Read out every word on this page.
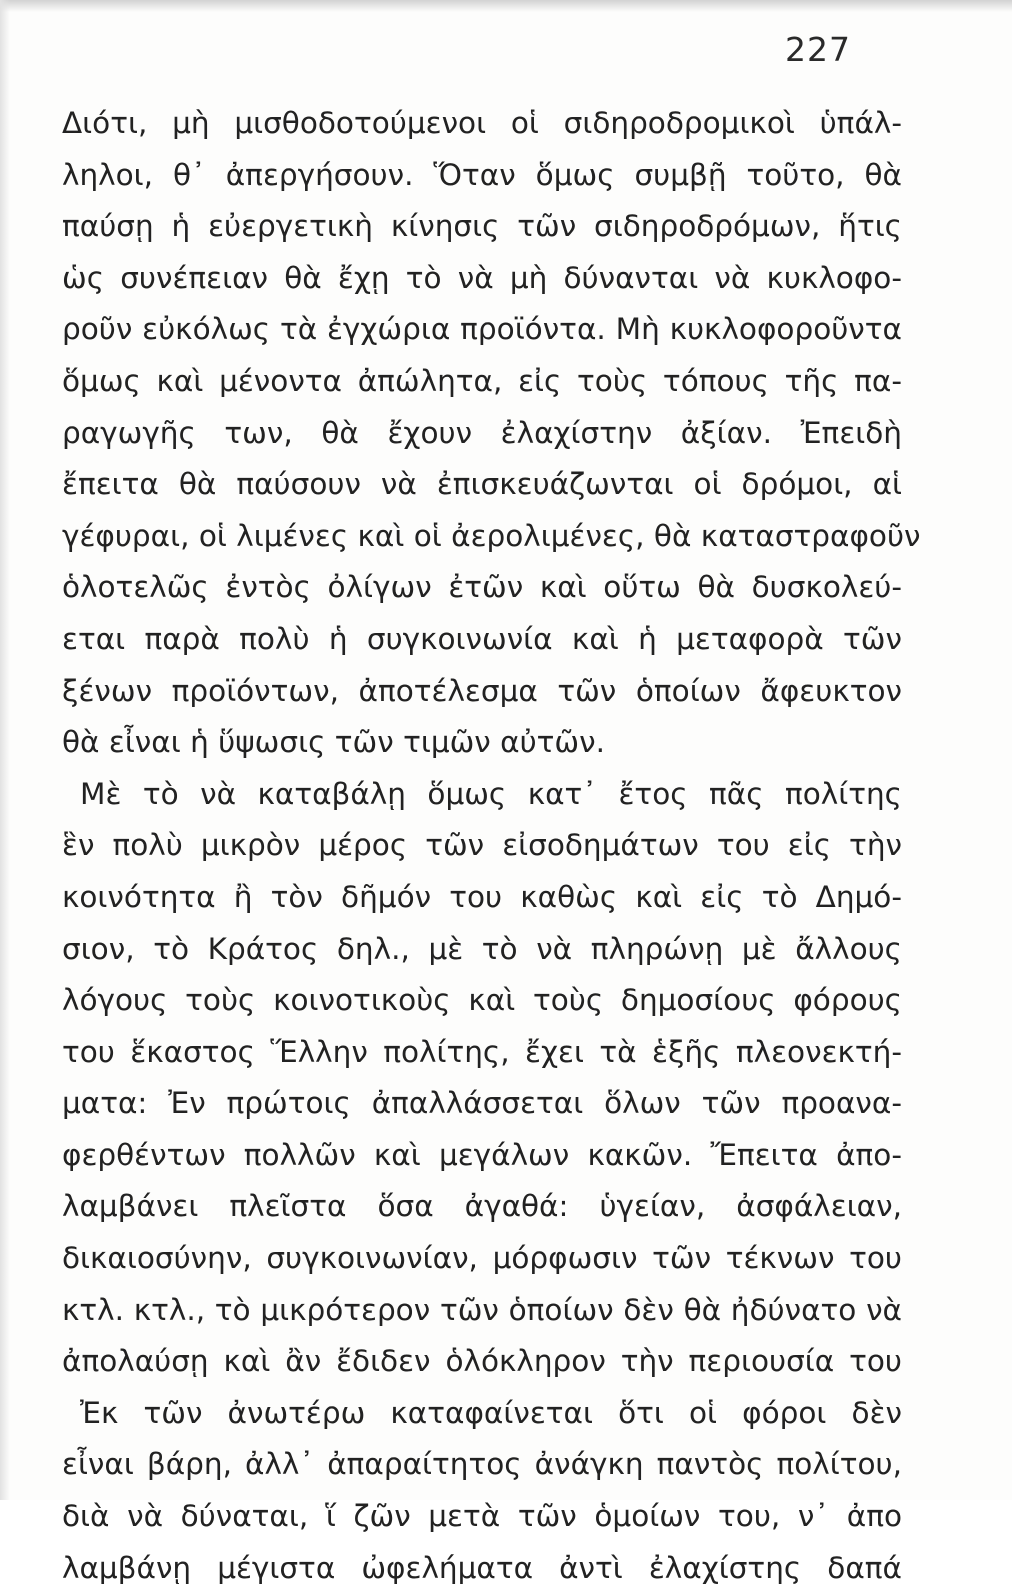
227
Διότι, μὴ μισθοδοτούμενοι οἱ σιδηροδρομικοὶ ὑπάλ-
ληλοι, θ᾿ ἀπεργήσουν. Ὅταν ὅμως συμβῇ τοῦτο, θὰ
παύσῃ ἡ εὐεργετικὴ κίνησις τῶν σιδηροδρόμων, ἥτις
ὡς συνέπειαν θὰ ἔχῃ τὸ νὰ μὴ δύνανται νὰ κυκλοφο-
ροῦν εὐκόλως τὰ ἐγχώρια προϊόντα. Μὴ κυκλοφοροῦντα
ὅμως καὶ μένοντα ἀπώλητα, εἰς τοὺς τόπους τῆς πα-
ραγωγῆς των, θὰ ἔχουν ἐλαχίστην ἀξίαν. Ἐπειδὴ
ἔπειτα θὰ παύσουν νὰ ἐπισκευάζωνται οἱ δρόμοι, αἱ
γέφυραι, οἱ λιμένες καὶ οἱ ἀερολιμένες, θὰ καταστραφοῦν
ὁλοτελῶς ἐντὸς ὀλίγων ἐτῶν καὶ οὕτω θὰ δυσκολεύ-
εται παρὰ πολὺ ἡ συγκοινωνία καὶ ἡ μεταφορὰ τῶν
ξένων προϊόντων, ἀποτέλεσμα τῶν ὁποίων ἄφευκτον
θὰ εἶναι ἡ ὕψωσις τῶν τιμῶν αὐτῶν.
Μὲ τὸ νὰ καταβάλῃ ὅμως κατ᾿ ἔτος πᾶς πολίτης
ἓν πολὺ μικρὸν μέρος τῶν εἰσοδημάτων του εἰς τὴν
κοινότητα ἢ τὸν δῆμόν του καθὼς καὶ εἰς τὸ Δημό-
σιον, τὸ Κράτος δηλ., μὲ τὸ νὰ πληρώνῃ μὲ ἄλλους
λόγους τοὺς κοινοτικοὺς καὶ τοὺς δημοσίους φόρους
του ἕκαστος Ἕλλην πολίτης, ἔχει τὰ ἑξῆς πλεονεκτή-
ματα: Ἐν πρώτοις ἀπαλλάσσεται ὅλων τῶν προανα-
φερθέντων πολλῶν καὶ μεγάλων κακῶν. Ἔπειτα ἀπο-
λαμβάνει πλεῖστα ὅσα ἀγαθά: ὑγείαν, ἀσφάλειαν,
δικαιοσύνην, συγκοινωνίαν, μόρφωσιν τῶν τέκνων του
κτλ. κτλ., τὸ μικρότερον τῶν ὁποίων δὲν θὰ ἠδύνατο νὰ
ἀπολαύσῃ καὶ ἂν ἔδιδεν ὁλόκληρον τὴν περιουσία του
Ἐκ τῶν ἀνωτέρω καταφαίνεται ὅτι οἱ φόροι δὲν
εἶναι βάρη, ἀλλ᾿ ἀπαραίτητος ἀνάγκη παντὸς πολίτου,
διὰ νὰ δύναται, ἵ ζῶν μετὰ τῶν ὁμοίων του, ν᾿ ἀπο
λαμβάνῃ μέγιστα ὠφελήματα ἀντὶ ἐλαχίστης δαπά
